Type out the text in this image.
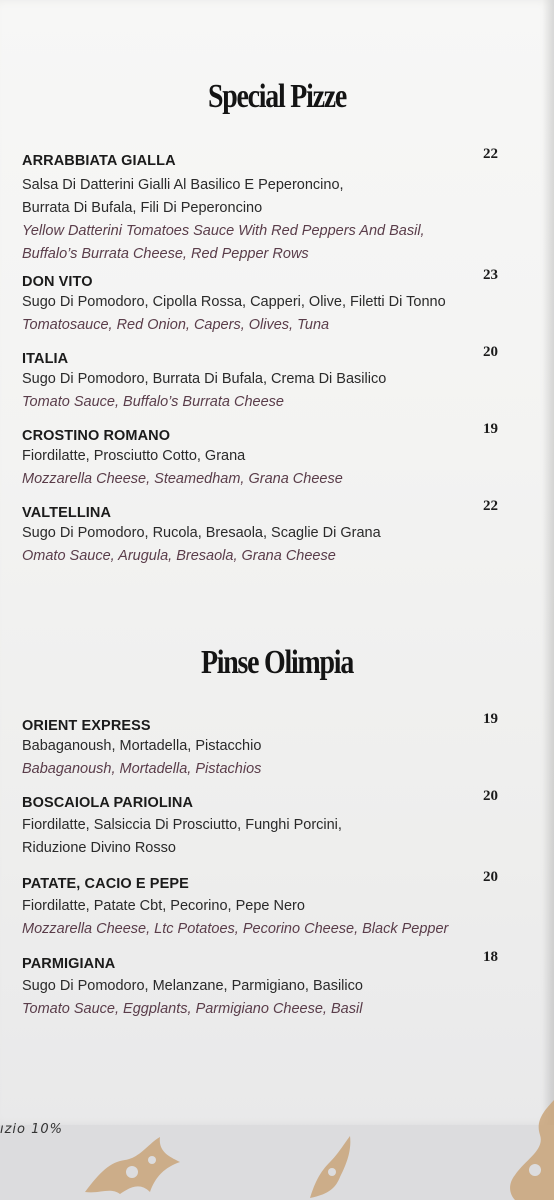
Special Pizze
ARRABBIATA GIALLA	22
Salsa Di Datterini Gialli Al Basilico E Peperoncino,
Burrata Di Bufala, Fili Di Peperoncino
Yellow Datterini Tomatoes Sauce With Red Peppers And Basil,
Buffalo’s Burrata Cheese, Red Pepper Rows
DON VITO	23
Sugo Di Pomodoro, Cipolla Rossa, Capperi, Olive, Filetti Di Tonno
Tomatosauce, Red Onion, Capers, Olives, Tuna
ITALIA	20
Sugo Di Pomodoro, Burrata Di Bufala, Crema Di Basilico
Tomato Sauce, Buffalo’s Burrata Cheese
CROSTINO ROMANO	19
Fiordilatte, Prosciutto Cotto, Grana
Mozzarella Cheese, Steamedham, Grana Cheese
VALTELLINA	22
Sugo Di Pomodoro, Rucola, Bresaola, Scaglie Di Grana
Omato Sauce, Arugula, Bresaola, Grana Cheese
Pinse Olimpia
ORIENT EXPRESS	19
Babaganoush, Mortadella, Pistacchio
Babaganoush, Mortadella, Pistachios
BOSCAIOLA PARIOLINA	20
Fiordilatte, Salsiccia Di Prosciutto, Funghi Porcini,
Riduzione Divino Rosso
PATATE, CACIO E PEPE	20
Fiordilatte, Patate Cbt, Pecorino, Pepe Nero
Mozzarella Cheese, Ltc Potatoes, Pecorino Cheese, Black Pepper
PARMIGIANA	18
Sugo Di Pomodoro, Melanzane, Parmigiano, Basilico
Tomato Sauce, Eggplants, Parmigiano Cheese, Basil
ızio 10%
